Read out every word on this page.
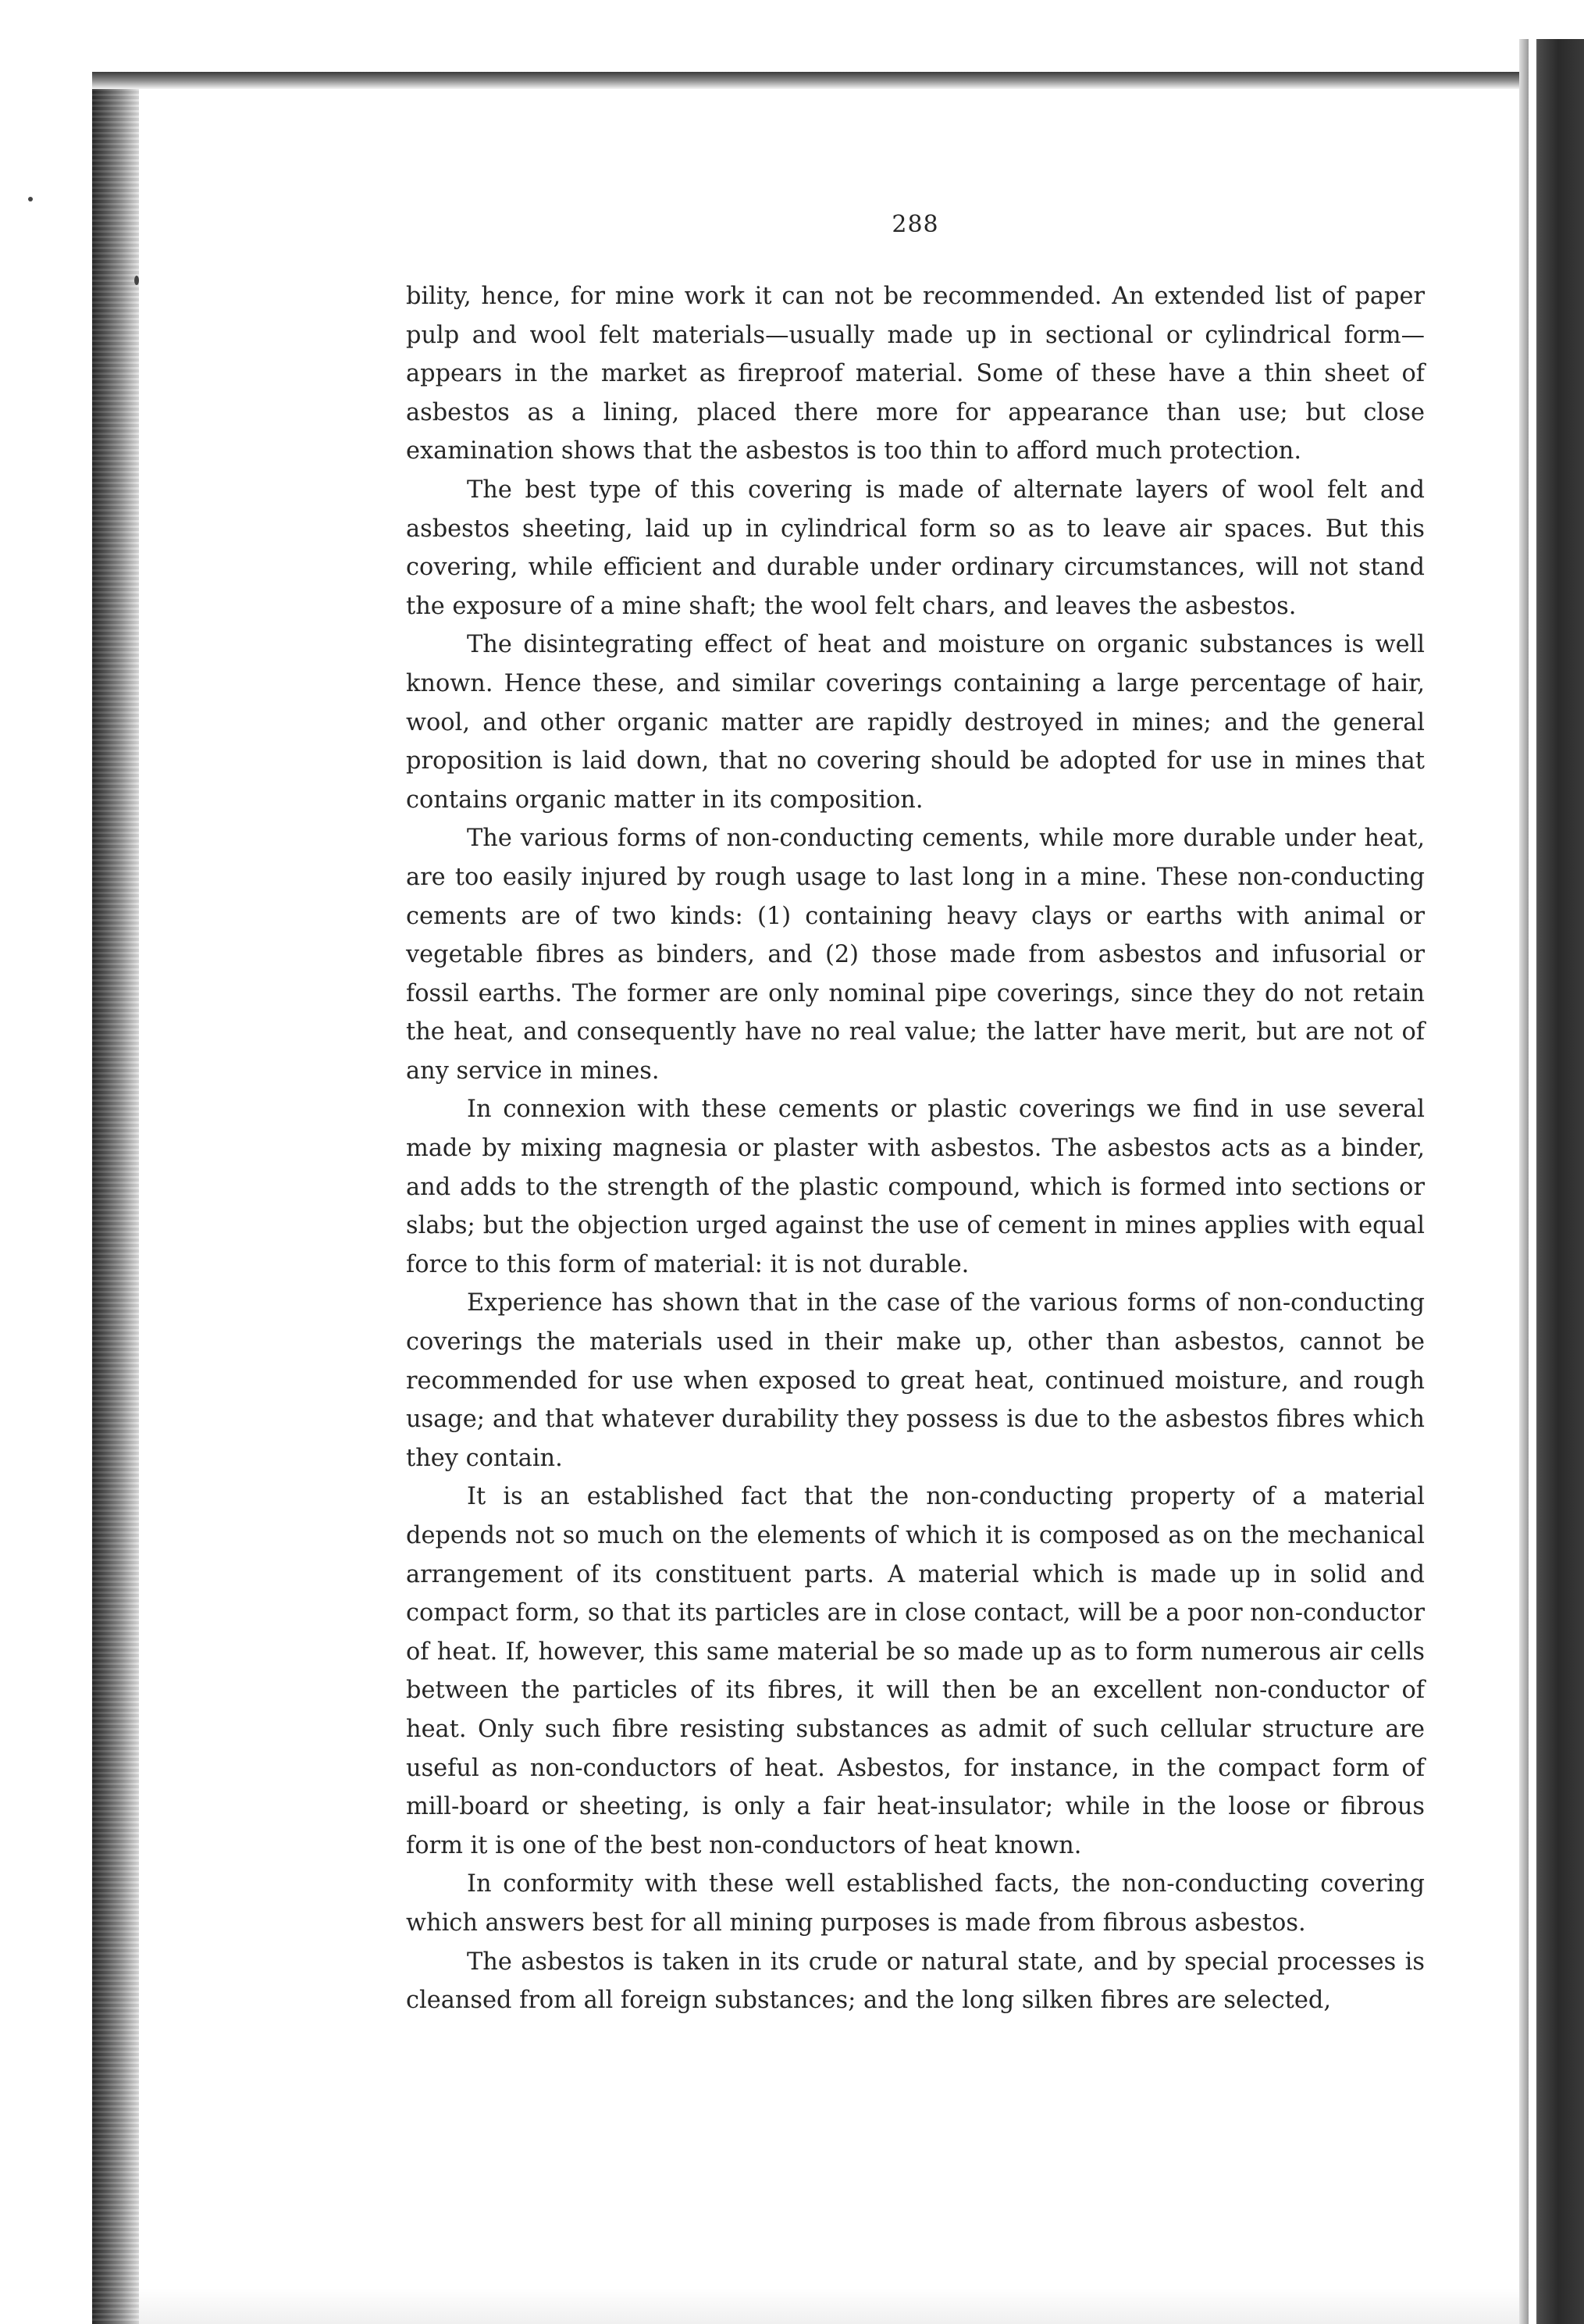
288

bility, hence, for mine work it can not be recommended. An extended list of paper pulp and wool felt materials—usually made up in sectional or cylindrical form—appears in the market as fireproof material. Some of these have a thin sheet of asbestos as a lining, placed there more for appearance than use; but close examination shows that the asbestos is too thin to afford much protection.

The best type of this covering is made of alternate layers of wool felt and asbestos sheeting, laid up in cylindrical form so as to leave air spaces. But this covering, while efficient and durable under ordinary circumstances, will not stand the exposure of a mine shaft; the wool felt chars, and leaves the asbestos.

The disintegrating effect of heat and moisture on organic substances is well known. Hence these, and similar coverings containing a large percentage of hair, wool, and other organic matter are rapidly destroyed in mines; and the general proposition is laid down, that no covering should be adopted for use in mines that contains organic matter in its composition.

The various forms of non-conducting cements, while more durable under heat, are too easily injured by rough usage to last long in a mine. These non-conducting cements are of two kinds: (1) containing heavy clays or earths with animal or vegetable fibres as binders, and (2) those made from asbestos and infusorial or fossil earths. The former are only nominal pipe coverings, since they do not retain the heat, and consequently have no real value; the latter have merit, but are not of any service in mines.

In connexion with these cements or plastic coverings we find in use several made by mixing magnesia or plaster with asbestos. The asbestos acts as a binder, and adds to the strength of the plastic compound, which is formed into sections or slabs; but the objection urged against the use of cement in mines applies with equal force to this form of material: it is not durable.

Experience has shown that in the case of the various forms of non-conducting coverings the materials used in their make up, other than asbestos, cannot be recommended for use when exposed to great heat, continued moisture, and rough usage; and that whatever durability they possess is due to the asbestos fibres which they contain.

It is an established fact that the non-conducting property of a material depends not so much on the elements of which it is composed as on the mechanical arrangement of its constituent parts. A material which is made up in solid and compact form, so that its particles are in close contact, will be a poor non-conductor of heat. If, however, this same material be so made up as to form numerous air cells between the particles of its fibres, it will then be an excellent non-conductor of heat. Only such fibre resisting substances as admit of such cellular structure are useful as non-conductors of heat. Asbestos, for instance, in the compact form of mill-board or sheeting, is only a fair heat-insulator; while in the loose or fibrous form it is one of the best non-conductors of heat known.

In conformity with these well established facts, the non-conducting covering which answers best for all mining purposes is made from fibrous asbestos.

The asbestos is taken in its crude or natural state, and by special processes is cleansed from all foreign substances; and the long silken fibres are selected,
